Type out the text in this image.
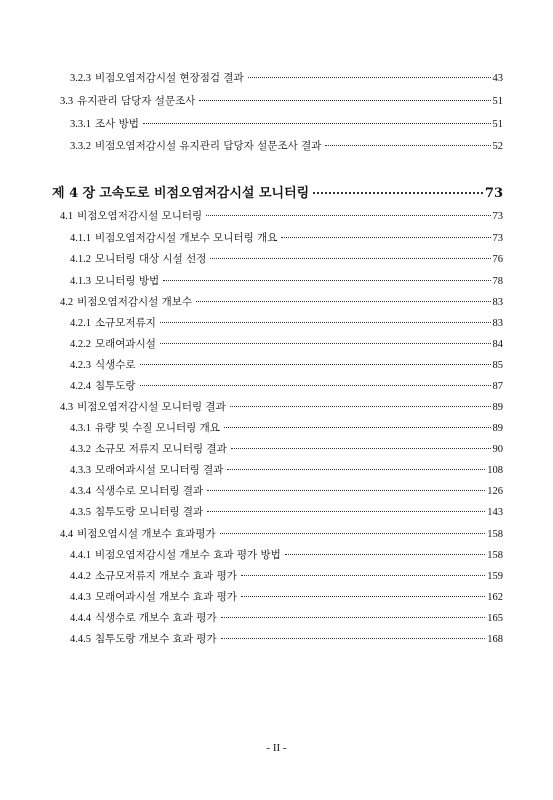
3.2.3 비점오염저감시설 현장점검 결과	43
3.3 유지관리 담당자 설문조사	51
3.3.1 조사 방법	51
3.3.2 비점오염저감시설 유지관리 담당자 설문조사 결과	52
제 4 장 고속도로 비점오염저감시설 모니터링	73
4.1 비점오염저감시설 모니터링	73
4.1.1 비점오염저감시설 개보수 모니터링 개요	73
4.1.2 모니터링 대상 시설 선정	76
4.1.3 모니터링 방법	78
4.2 비점오염저감시설 개보수	83
4.2.1 소규모저류지	83
4.2.2 모래여과시설	84
4.2.3 식생수로	85
4.2.4 침투도랑	87
4.3 비점오염저감시설 모니터링 결과	89
4.3.1 유량 및 수질 모니터링 개요	89
4.3.2 소규모 저류지 모니터링 결과	90
4.3.3 모래여과시설 모니터링 결과	108
4.3.4 식생수로 모니터링 결과	126
4.3.5 침투도랑 모니터링 결과	143
4.4 비점오염시설 개보수 효과평가	158
4.4.1 비점오염저감시설 개보수 효과 평가 방법	158
4.4.2 소규모저류지 개보수 효과 평가	159
4.4.3 모래여과시설 개보수 효과 평가	162
4.4.4 식생수로 개보수 효과 평가	165
4.4.5 침투도랑 개보수 효과 평가	168
- II -
